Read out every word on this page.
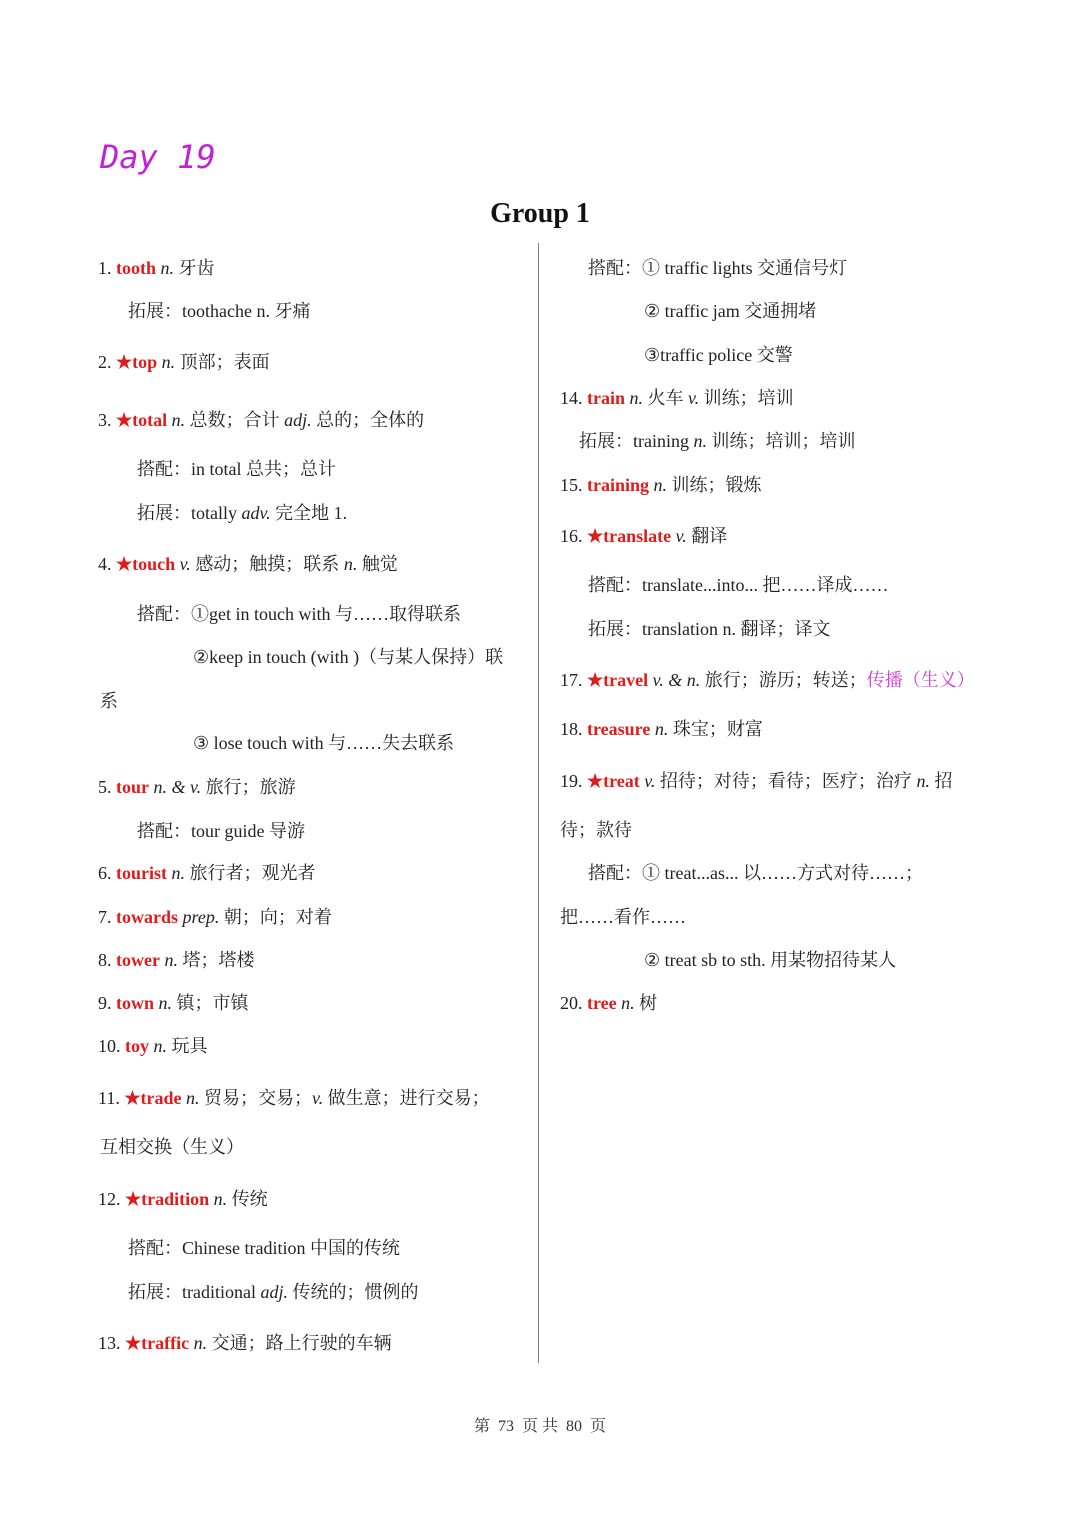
Day 19
Group 1
1. tooth n. 牙齿
拓展：toothache n. 牙痛
2. ★top n. 顶部；表面
3. ★total n. 总数；合计 adj. 总的；全体的
搭配：in total 总共；总计
拓展：totally adv. 完全地 1.
4. ★touch v. 感动；触摸；联系 n. 触觉
搭配：①get in touch with 与……取得联系
②keep in touch (with )（与某人保持）联
系
③ lose touch with 与……失去联系
5. tour n. & v. 旅行；旅游
搭配：tour guide 导游
6. tourist n. 旅行者；观光者
7. towards prep. 朝；向；对着
8. tower n. 塔；塔楼
9. town n. 镇；市镇
10. toy n. 玩具
11. ★trade n. 贸易；交易；v. 做生意；进行交易；
互相交换（生义）
12. ★tradition n. 传统
搭配：Chinese tradition 中国的传统
拓展：traditional adj. 传统的；惯例的
13. ★traffic n. 交通；路上行驶的车辆
搭配：① traffic lights 交通信号灯
② traffic jam 交通拥堵
③traffic police 交警
14. train n. 火车 v. 训练；培训
拓展：training n. 训练；培训；培训
15. training n. 训练；锻炼
16. ★translate v. 翻译
搭配：translate...into... 把……译成……
拓展：translation n. 翻译；译文
17. ★travel v. & n. 旅行；游历；转送；传播（生义）
18. treasure n. 珠宝；财富
19. ★treat v. 招待；对待；看待；医疗；治疗 n. 招
待；款待
搭配：① treat...as... 以……方式对待……；
把……看作……
② treat sb to sth. 用某物招待某人
20. tree n. 树
第 73 页 共 80 页
